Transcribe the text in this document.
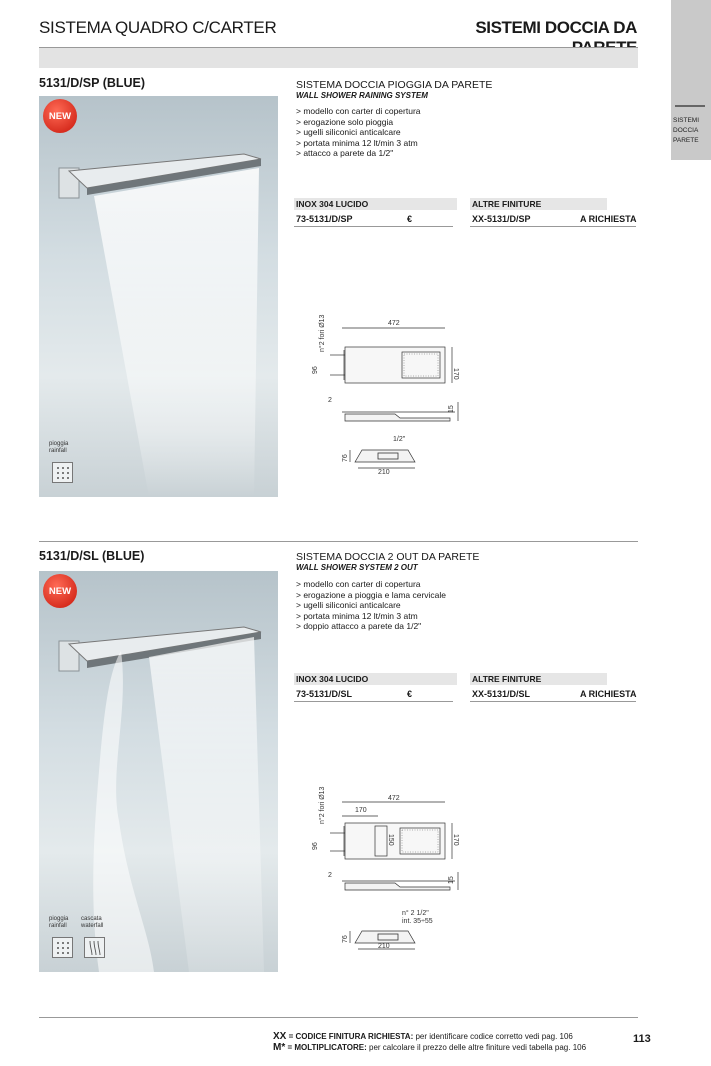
SISTEMA QUADRO C/CARTER	SISTEMI DOCCIA DA
SISTEMI
DOCCIA
PARETE
5131/D/SP (BLUE)
NEW
pioggia
rainfall
SISTEMA DOCCIA PIOGGIA DA PARETE
WALL SHOWER RAINING SYSTEM
> modello con carter di copertura
> erogazione solo pioggia
> ugelli siliconici anticalcare
> portata minima 12 lt/min 3 atm
> attacco a parete da 1/2"
INOX 304 LUCIDO	ALTRE FINITURE
73-5131/D/SP	€	XX-5131/D/SP	A RICHIESTA
472
170
n°2 fori Ø13
96
2
15
1/2"
210
76
5131/D/SL (BLUE)
NEW
pioggia
rainfall
cascata
waterfall
SISTEMA DOCCIA 2 OUT DA PARETE
WALL SHOWER SYSTEM 2 OUT
> modello con carter di copertura
> erogazione a pioggia e lama cervicale
> ugelli siliconici anticalcare
> portata minima 12 lt/min 3 atm
> doppio attacco a parete da 1/2"
INOX 304 LUCIDO	ALTRE FINITURE
73-5131/D/SL	€	XX-5131/D/SL	A RICHIESTA
472
170
150	170
n°2 fori Ø13
96
2
15
n° 2 1/2"
int. 35÷55
210
76
XX = CODICE FINITURA RICHIESTA: per identificare codice corretto vedi pag. 106
M* = MOLTIPLICATORE: per calcolare il prezzo delle altre finiture vedi tabella pag. 106
113
